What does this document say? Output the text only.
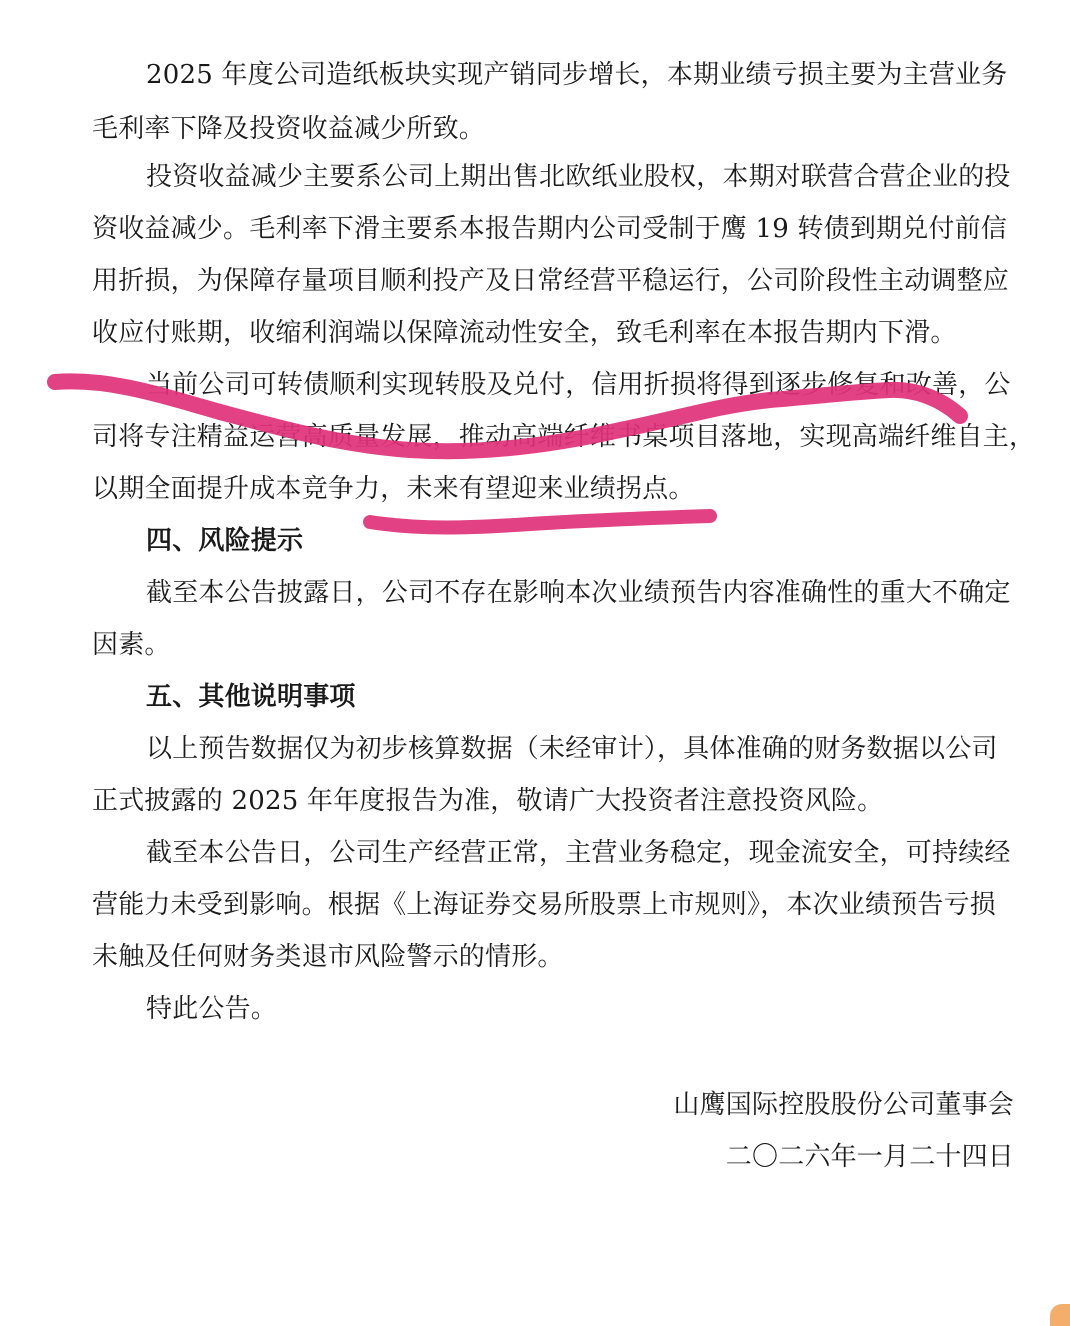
2025 年度公司造纸板块实现产销同步增长，本期业绩亏损主要为主营业务
毛利率下降及投资收益减少所致。
投资收益减少主要系公司上期出售北欧纸业股权，本期对联营合营企业的投
资收益减少。毛利率下滑主要系本报告期内公司受制于鹰 19 转债到期兑付前信
用折损，为保障存量项目顺利投产及日常经营平稳运行，公司阶段性主动调整应
收应付账期，收缩利润端以保障流动性安全，致毛利率在本报告期内下滑。
当前公司可转债顺利实现转股及兑付，信用折损将得到逐步修复和改善，公
司将专注精益运营高质量发展，推动高端纤维书桌项目落地，实现高端纤维自主，
以期全面提升成本竞争力，未来有望迎来业绩拐点。
四、风险提示
截至本公告披露日，公司不存在影响本次业绩预告内容准确性的重大不确定
因素。
五、其他说明事项
以上预告数据仅为初步核算数据（未经审计），具体准确的财务数据以公司
正式披露的 2025 年年度报告为准，敬请广大投资者注意投资风险。
截至本公告日，公司生产经营正常，主营业务稳定，现金流安全，可持续经
营能力未受到影响。根据《上海证券交易所股票上市规则》，本次业绩预告亏损
未触及任何财务类退市风险警示的情形。
特此公告。
山鹰国际控股股份公司董事会
二〇二六年一月二十四日
